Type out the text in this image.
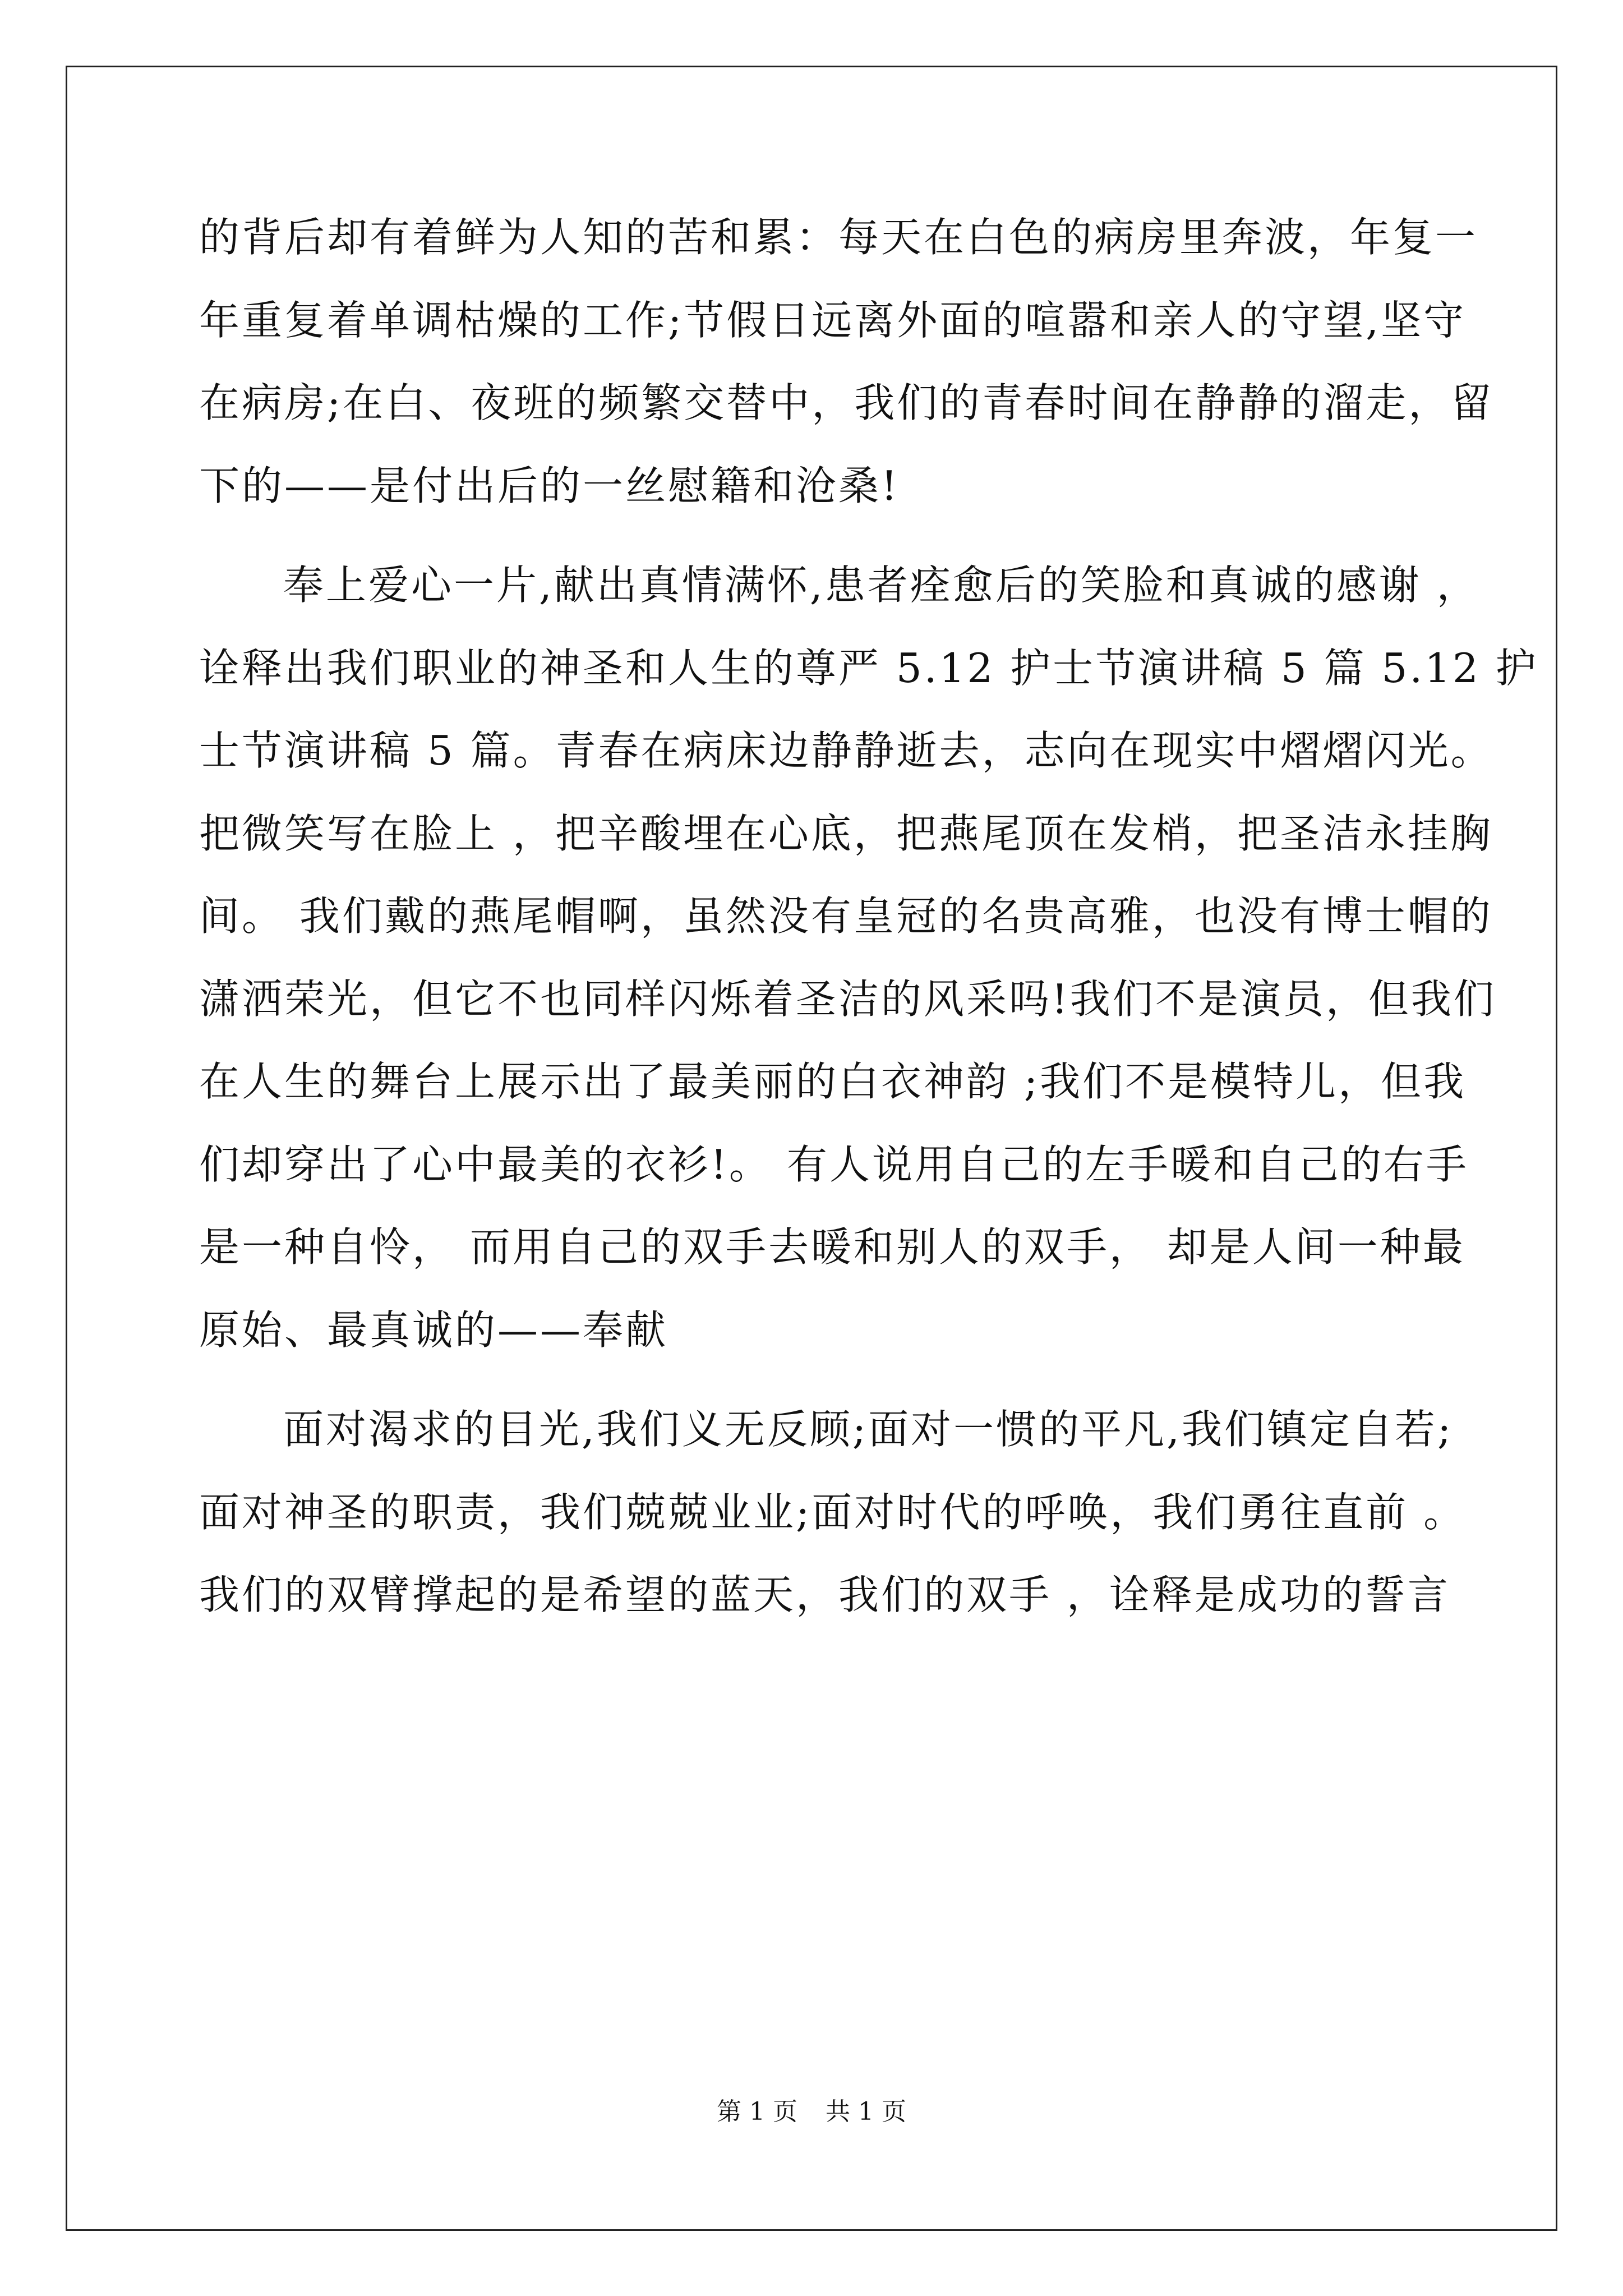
的背后却有着鲜为人知的苦和累：每天在白色的病房里奔波，年复一
年重复着单调枯燥的工作;节假日远离外面的喧嚣和亲人的守望,坚守
在病房;在白、夜班的频繁交替中，我们的青春时间在静静的溜走，留
下的——是付出后的一丝慰籍和沧桑!
奉上爱心一片,献出真情满怀,患者痊愈后的笑脸和真诚的感谢 ，
诠释出我们职业的神圣和人生的尊严 5.12 护士节演讲稿 5 篇 5.12 护
士节演讲稿 5 篇。青春在病床边静静逝去，志向在现实中熠熠闪光。
把微笑写在脸上 ，把辛酸埋在心底，把燕尾顶在发梢，把圣洁永挂胸
间。 我们戴的燕尾帽啊，虽然没有皇冠的名贵高雅，也没有博士帽的
潇洒荣光，但它不也同样闪烁着圣洁的风采吗!我们不是演员，但我们
在人生的舞台上展示出了最美丽的白衣神韵 ;我们不是模特儿，但我
们却穿出了心中最美的衣衫!。 有人说用自己的左手暖和自己的右手
是一种自怜， 而用自己的双手去暖和别人的双手， 却是人间一种最
原始、最真诚的——奉献
面对渴求的目光,我们义无反顾;面对一惯的平凡,我们镇定自若;
面对神圣的职责，我们兢兢业业;面对时代的呼唤，我们勇往直前 。
我们的双臂撑起的是希望的蓝天，我们的双手 ，诠释是成功的誓言
第 1 页 共 1 页
